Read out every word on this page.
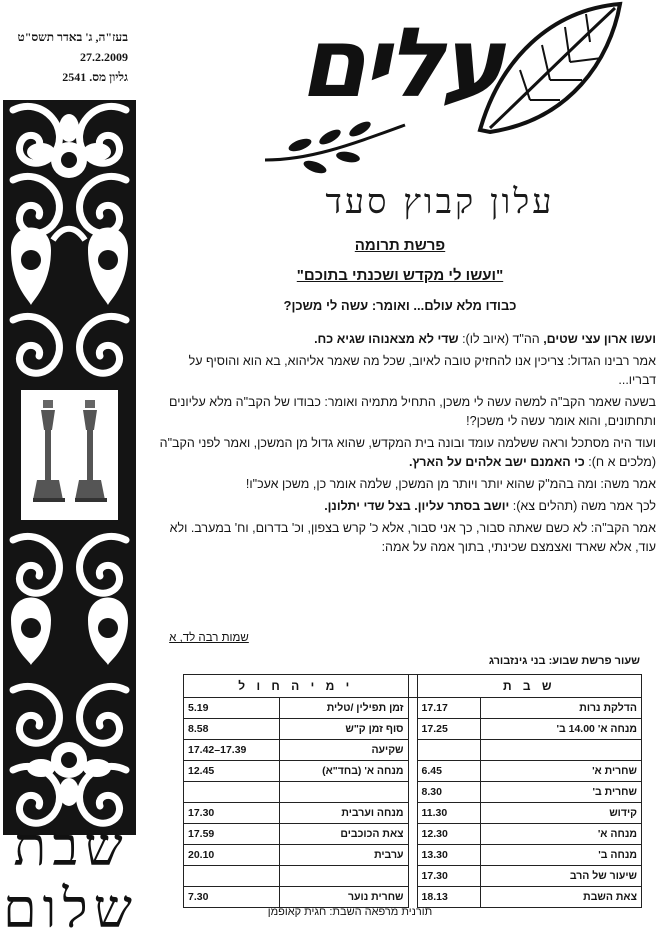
בעז"ה, ג' באדר תשס"ט
27.2.2009
גליון מס. 2541
שבת
שלום
עלים
עלון קבוץ סעד
פרשת תרומה
"ועשו לי מקדש ושכנתי בתוכם"
כבודו מלא עולם... ואומר: עשה לי משכן?

ועשו ארון עצי שטים, הה"ד (איוב לו): שדי לא מצאנוהו שגיא כח.

אמר רבינו הגדול: צריכין אנו להחזיק טובה לאיוב, שכל מה שאמר אליהוא, בא הוא והוסיף על דבריו...

בשעה שאמר הקב"ה למשה עשה לי משכן, התחיל מתמיה ואומר: כבודו של הקב"ה מלא עליונים ותחתונים, והוא אומר עשה לי משכן?!

ועוד היה מסתכל וראה ששלמה עומד ובונה בית המקדש, שהוא גדול מן המשכן, ואמר לפני הקב"ה (מלכים א ח): כי האמנם ישב אלהים על הארץ.

אמר משה: ומה בהמ"ק שהוא יותר ויותר מן המשכן, שלמה אומר כן, משכן אעכ"ו!

לכך אמר משה (תהלים צא): יושב בסתר עליון. בצל שדי יתלונן.

אמר הקב"ה: לא כשם שאתה סבור, כך אני סבור, אלא כ' קרש בצפון, וכ' בדרום, וח' במערב. ולא עוד, אלא שארד ואצמצם שכינתי, בתוך אמה על אמה:

שמות רבה לד, א
שעור פרשת שבוע: בני גינזבורג
ש ב ת			י מ י ה ח ו ל	
הדלקת נרות	17.17		זמן תפילין /טלית	5.19
מנחה א' 14.00 ב'	17.25		סוף זמן ק"ש	8.58
			שקיעה	17.42–17.39
שחרית א'	6.45		מנחה א' (בחד"א)	12.45
שחרית ב'	8.30			
קידוש	11.30		מנחה וערבית	17.30
מנחה א'	12.30		צאת הכוכבים	17.59
מנחה ב'	13.30		ערבית	20.10
שיעור של הרב	17.30			
צאת השבת	18.13		שחרית נוער	7.30
תורנית מרפאה השבת: חגית קאופמן
